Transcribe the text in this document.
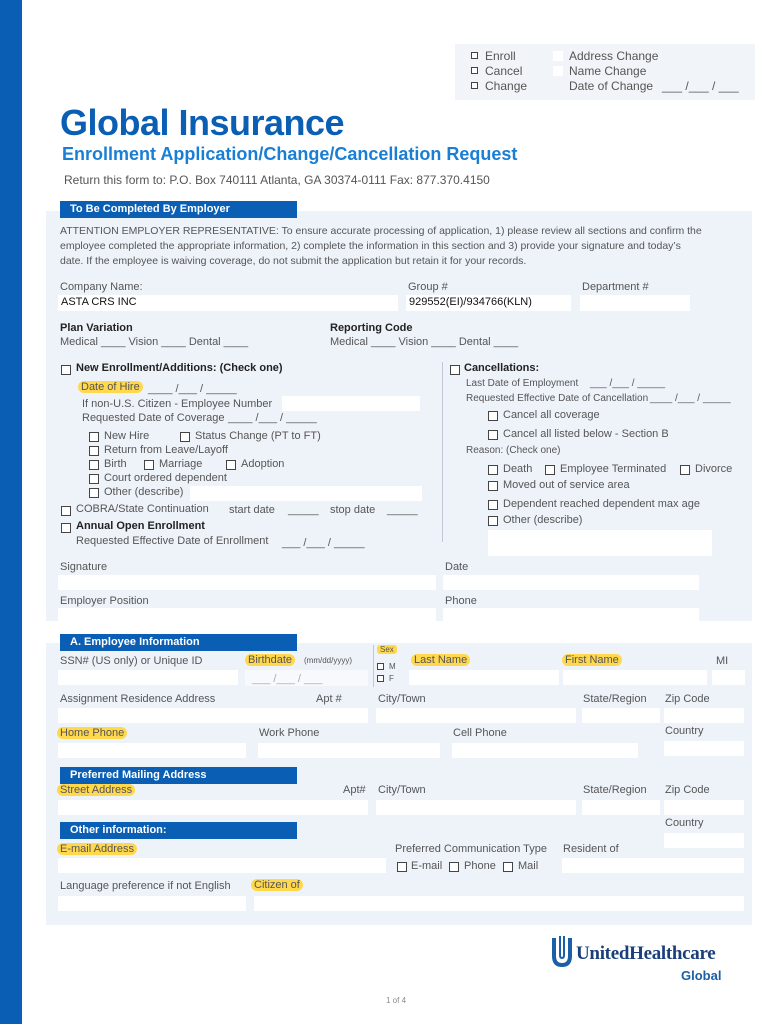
Enroll
Cancel
Change
Address Change
Name Change
Date of Change ___ /___ / ___
Global Insurance
Enrollment Application/Change/Cancellation Request
Return this form to: P.O. Box 740111 Atlanta, GA 30374-0111 Fax: 877.370.4150
To Be Completed By Employer
ATTENTION EMPLOYER REPRESENTATIVE: To ensure accurate processing of application, 1) please review all sections and confirm the
employee completed the appropriate information, 2) complete the information in this section and 3) provide your signature and today’s
date. If the employee is waiving coverage, do not submit the application but retain it for your records.
Company Name:
ASTA CRS INC
Group #
929552(EI)/934766(KLN)
Department #
Plan Variation
Medical ____ Vision ____ Dental ____
Reporting Code
Medical ____ Vision ____ Dental ____
New Enrollment/Additions: (Check one)
Date of Hire ____ /___ / _____
If non-U.S. Citizen - Employee Number
Requested Date of Coverage ____ /___ / _____
New Hire	Status Change (PT to FT)
Return from Leave/Layoff
Birth	Marriage	Adoption
Court ordered dependent
Other (describe)
COBRA/State Continuation start date _____ stop date _____
Annual Open Enrollment
Requested Effective Date of Enrollment ___ /___ / _____
Cancellations:
Last Date of Employment ___ /___ / _____
Requested Effective Date of Cancellation ____ /___ / _____
Cancel all coverage
Cancel all listed below - Section B
Reason: (Check one)
Death	Employee Terminated	Divorce
Moved out of service area
Dependent reached dependent max age
Other (describe)
Signature	Date
Employer Position	Phone
A. Employee Information
SSN# (US only) or Unique ID	Birthdate	(mm/dd/yyyy)
Sex
M
F
Last Name	First Name	MI
Assignment Residence Address	Apt #	City/Town	State/Region Zip Code
Home Phone	Work Phone	Cell Phone	Country
Preferred Mailing Address
Street Address	Apt# City/Town	State/Region Zip Code
Other information:
Country
E-mail Address	Preferred Communication Type
E-mail Phone Mail
Resident of
Language preference if not English Citizen of
UnitedHealthcare
Global
1 of 4
